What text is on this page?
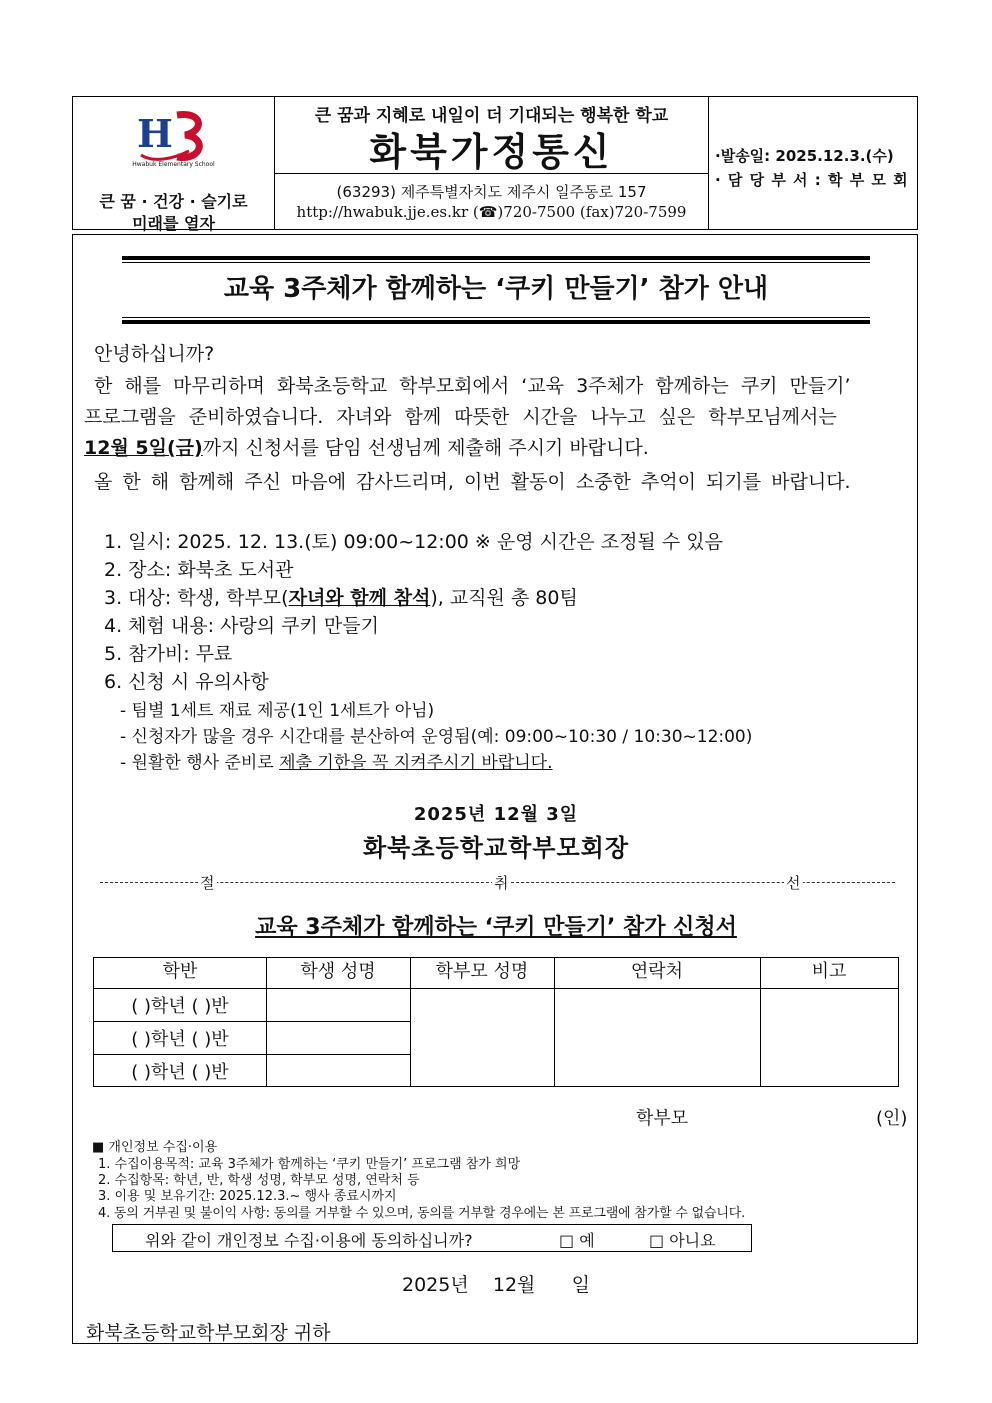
H
Hwabuk Elementary School
큰 꿈 · 건강 · 슬기로
미래를 열자
큰 꿈과 지혜로 내일이 더 기대되는 행복한 학교
화북가정통신
(63293) 제주특별자치도 제주시 일주동로 157
http://hwabuk.jje.es.kr (☎)720-7500 (fax)720-7599
·발송일: 2025.12.3.(수)
· 담 당 부 서 : 학 부 모 회
교육 3주체가 함께하는 ‘쿠키 만들기’ 참가 안내
안녕하십니까?
한 해를 마무리하며 화북초등학교 학부모회에서 ‘교육 3주체가 함께하는 쿠키 만들기’
프로그램을 준비하였습니다. 자녀와 함께 따뜻한 시간을 나누고 싶은 학부모님께서는
12월 5일(금)까지 신청서를 담임 선생님께 제출해 주시기 바랍니다.
올 한 해 함께해 주신 마음에 감사드리며, 이번 활동이 소중한 추억이 되기를 바랍니다.
1. 일시: 2025. 12. 13.(토) 09:00~12:00 ※ 운영 시간은 조정될 수 있음
2. 장소: 화북초 도서관
3. 대상: 학생, 학부모(자녀와 함께 참석), 교직원 총 80팀
4. 체험 내용: 사랑의 쿠키 만들기
5. 참가비: 무료
6. 신청 시 유의사항
- 팀별 1세트 재료 제공(1인 1세트가 아님)
- 신청자가 많을 경우 시간대를 분산하여 운영됨(예: 09:00~10:30 / 10:30~12:00)
- 원활한 행사 준비로 제출 기한을 꼭 지켜주시기 바랍니다.
2025년 12월 3일
화북초등학교학부모회장
절	취	선
교육 3주체가 함께하는 ‘쿠키 만들기’ 참가 신청서
학반	학생 성명	학부모 성명	연락처	비고
( )학년 ( )반
( )학년 ( )반
( )학년 ( )반
학부모	(인)
■ 개인정보 수집·이용
1. 수집이용목적: 교육 3주체가 함께하는 ‘쿠키 만들기’ 프로그램 참가 희망
2. 수집항목: 학년, 반, 학생 성명, 학부모 성명, 연락처 등
3. 이용 및 보유기간: 2025.12.3.~ 행사 종료시까지
4. 동의 거부권 및 불이익 사항: 동의를 거부할 수 있으며, 동의를 거부할 경우에는 본 프로그램에 참가할 수 없습니다.
위와 같이 개인정보 수집·이용에 동의하십니까?	□ 예	□ 아니요
2025년    12월      일
화북초등학교학부모회장 귀하
